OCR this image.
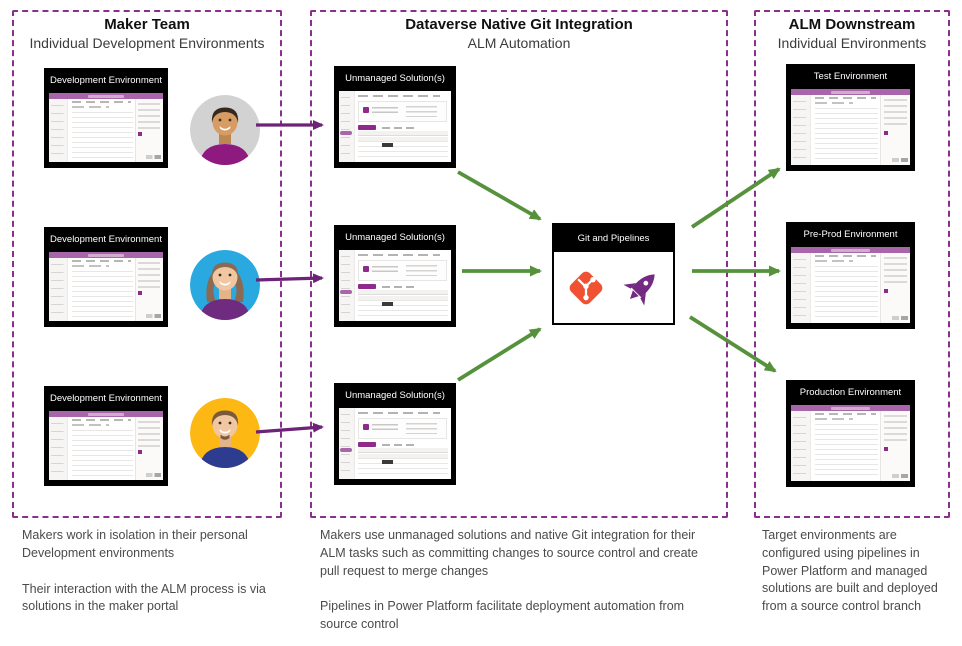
Maker Team
Individual Development Environments
Dataverse Native Git Integration
ALM Automation
ALM Downstream
Individual Environments
Development Environment
Development Environment
Development Environment
Unmanaged Solution(s)
Unmanaged Solution(s)
Unmanaged Solution(s)
Git and Pipelines
Test Environment
Pre-Prod Environment
Production Environment

Makers work in isolation in their personal Development environments

Their interaction with the ALM process is via solutions in the maker portal

Makers use unmanaged solutions and native Git integration for their ALM tasks such as committing changes to source control and create pull request to merge changes

Pipelines in Power Platform facilitate deployment automation from source control

Target environments are configured using pipelines in Power Platform and managed solutions are built and deployed from a source control branch
